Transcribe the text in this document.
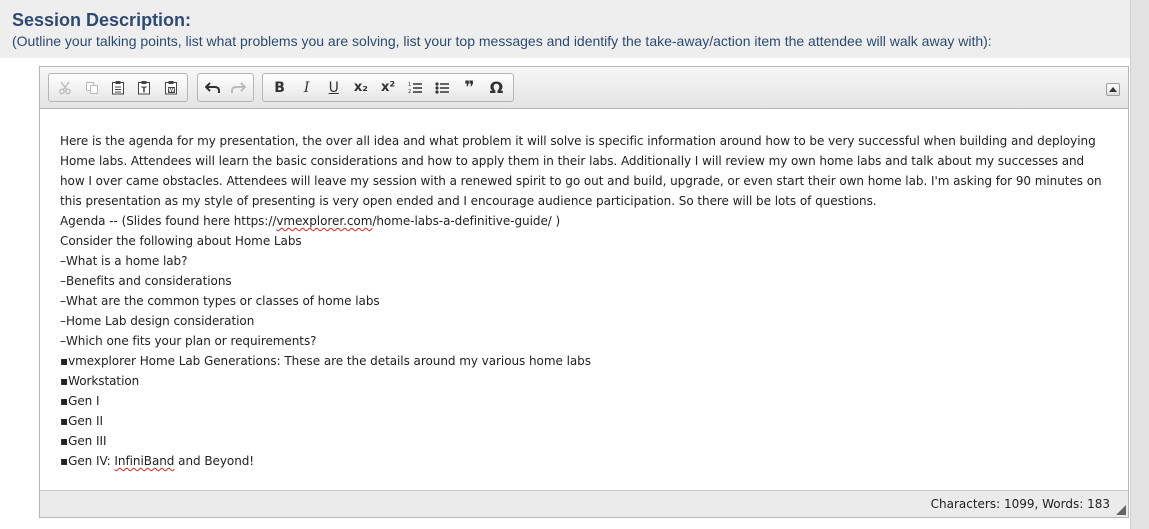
Session Description:
(Outline your talking points, list what problems you are solving, list your top messages and identify the take-away/action item the attendee will walk away with):
T	W	B	I	U	x₂	x²	1
2	❞ Ω

Here is the agenda for my presentation, the over all idea and what problem it will solve is specific information around how to be very successful when building and deploying Home labs. Attendees will learn the basic considerations and how to apply them in their labs. Additionally I will review my own home labs and talk about my successes and how I over came obstacles. Attendees will leave my session with a renewed spirit to go out and build, upgrade, or even start their own home lab. I'm asking for 90 minutes on this presentation as my style of presenting is very open ended and I encourage audience participation. So there will be lots of questions.

Agenda -- (Slides found here https://vmexplorer.com/home-labs-a-definitive-guide/ )

Consider the following about Home Labs

–What is a home lab?

–Benefits and considerations

–What are the common types or classes of home labs

–Home Lab design consideration

–Which one fits your plan or requirements?

▪vmexplorer Home Lab Generations: These are the details around my various home labs

▪Workstation

▪Gen I

▪Gen II

▪Gen III

▪Gen IV: InfiniBand and Beyond!

Characters: 1099, Words: 183
